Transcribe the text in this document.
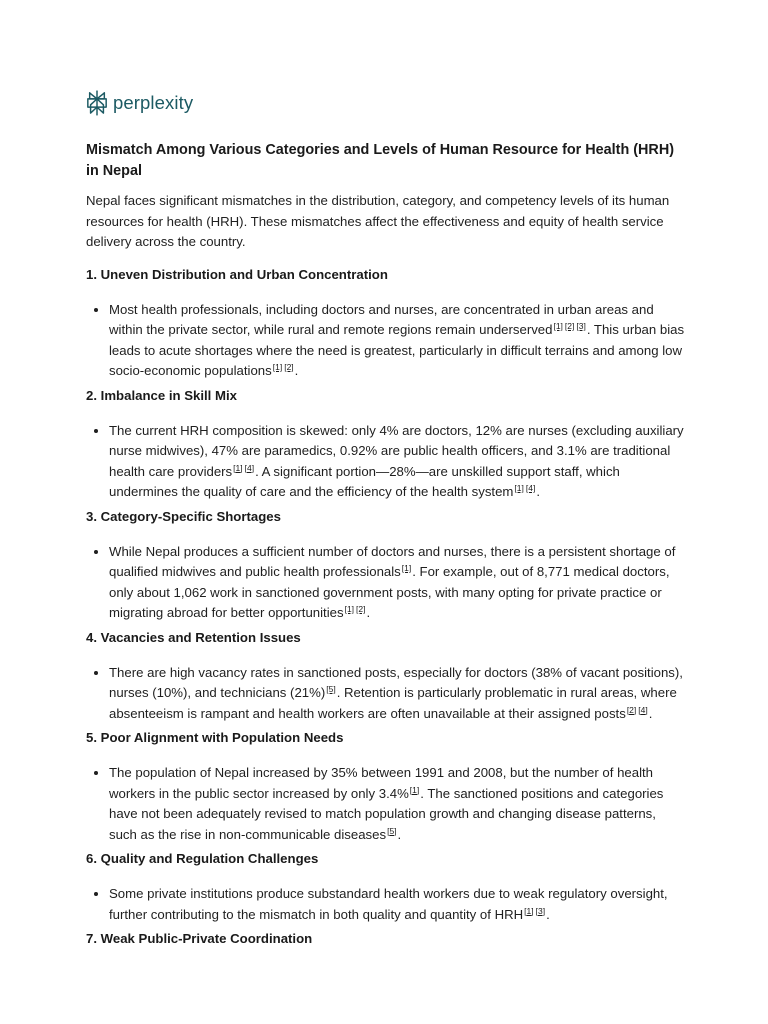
perplexity
Mismatch Among Various Categories and Levels of Human Resource for Health (HRH) in Nepal

Nepal faces significant mismatches in the distribution, category, and competency levels of its human resources for health (HRH). These mismatches affect the effectiveness and equity of health service delivery across the country.

1. Uneven Distribution and Urban Concentration
• Most health professionals, including doctors and nurses, are concentrated in urban areas and within the private sector, while rural and remote regions remain underserved[1] [2] [3]. This urban bias leads to acute shortages where the need is greatest, particularly in difficult terrains and among low socio-economic populations[1] [2].
2. Imbalance in Skill Mix
• The current HRH composition is skewed: only 4% are doctors, 12% are nurses (excluding auxiliary nurse midwives), 47% are paramedics, 0.92% are public health officers, and 3.1% are traditional health care providers[1] [4]. A significant portion—28%—are unskilled support staff, which undermines the quality of care and the efficiency of the health system[1] [4].
3. Category-Specific Shortages
• While Nepal produces a sufficient number of doctors and nurses, there is a persistent shortage of qualified midwives and public health professionals[1]. For example, out of 8,771 medical doctors, only about 1,062 work in sanctioned government posts, with many opting for private practice or migrating abroad for better opportunities[1] [2].
4. Vacancies and Retention Issues
• There are high vacancy rates in sanctioned posts, especially for doctors (38% of vacant positions), nurses (10%), and technicians (21%)[5]. Retention is particularly problematic in rural areas, where absenteeism is rampant and health workers are often unavailable at their assigned posts[2] [4].
5. Poor Alignment with Population Needs
• The population of Nepal increased by 35% between 1991 and 2008, but the number of health workers in the public sector increased by only 3.4%[1]. The sanctioned positions and categories have not been adequately revised to match population growth and changing disease patterns, such as the rise in non-communicable diseases[5].
6. Quality and Regulation Challenges
• Some private institutions produce substandard health workers due to weak regulatory oversight, further contributing to the mismatch in both quality and quantity of HRH[1] [3].
7. Weak Public-Private Coordination
